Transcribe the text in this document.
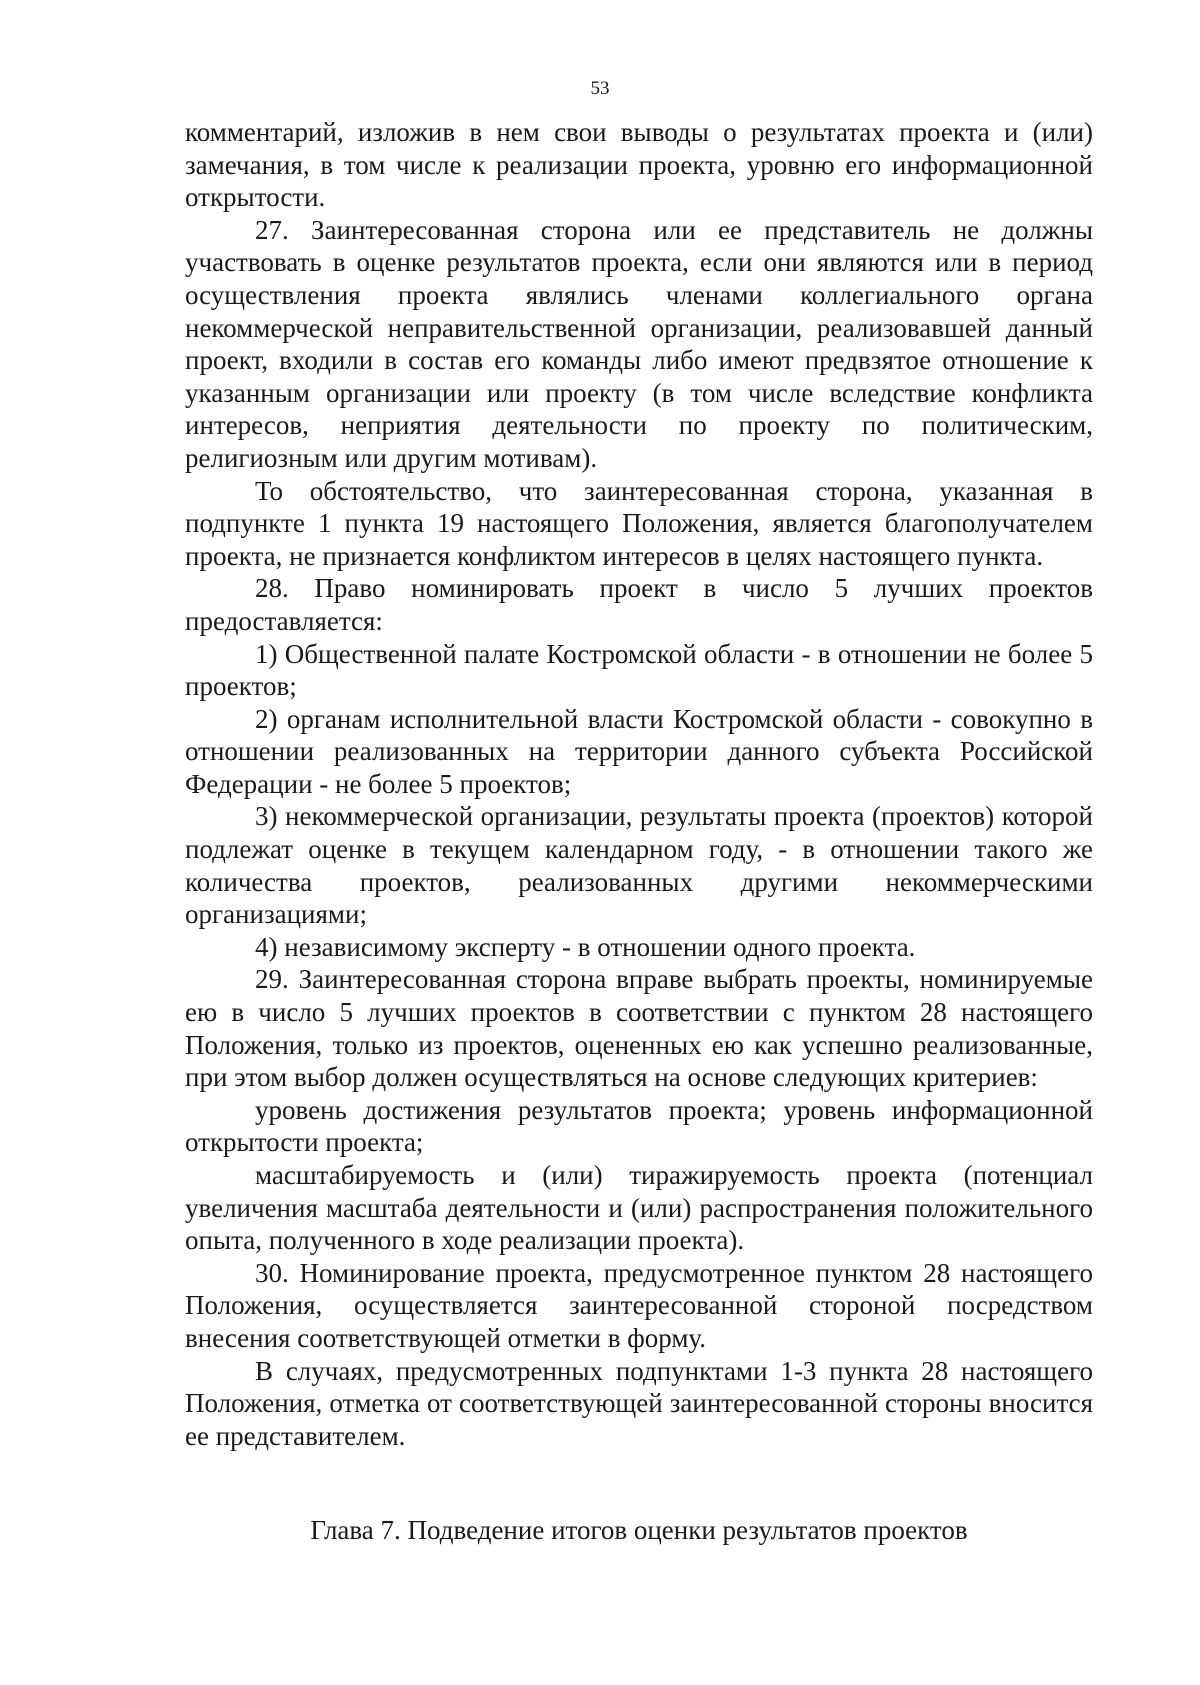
53

комментарий, изложив в нем свои выводы о результатах проекта и (или) замечания, в том числе к реализации проекта, уровню его информационной открытости.

27. Заинтересованная сторона или ее представитель не должны участвовать в оценке результатов проекта, если они являются или в период осуществления проекта являлись членами коллегиального органа некоммерческой неправительственной организации, реализовавшей данный проект, входили в состав его команды либо имеют предвзятое отношение к указанным организации или проекту (в том числе вследствие конфликта интересов, неприятия деятельности по проекту по политическим, религиозным или другим мотивам).

То обстоятельство, что заинтересованная сторона, указанная в подпункте 1 пункта 19 настоящего Положения, является благополучателем проекта, не признается конфликтом интересов в целях настоящего пункта.

28. Право номинировать проект в число 5 лучших проектов предоставляется:

1) Общественной палате Костромской области - в отношении не более 5 проектов;

2) органам исполнительной власти Костромской области - совокупно в отношении реализованных на территории данного субъекта Российской Федерации - не более 5 проектов;

3) некоммерческой организации, результаты проекта (проектов) которой подлежат оценке в текущем календарном году, - в отношении такого же количества проектов, реализованных другими некоммерческими организациями;

4) независимому эксперту - в отношении одного проекта.

29. Заинтересованная сторона вправе выбрать проекты, номинируемые ею в число 5 лучших проектов в соответствии с пунктом 28 настоящего Положения, только из проектов, оцененных ею как успешно реализованные, при этом выбор должен осуществляться на основе следующих критериев:

уровень достижения результатов проекта; уровень информационной открытости проекта;

масштабируемость и (или) тиражируемость проекта (потенциал увеличения масштаба деятельности и (или) распространения положительного опыта, полученного в ходе реализации проекта).

30. Номинирование проекта, предусмотренное пунктом 28 настоящего Положения, осуществляется заинтересованной стороной посредством внесения соответствующей отметки в форму.

В случаях, предусмотренных подпунктами 1-3 пункта 28 настоящего Положения, отметка от соответствующей заинтересованной стороны вносится ее представителем.

Глава 7. Подведение итогов оценки результатов проектов
